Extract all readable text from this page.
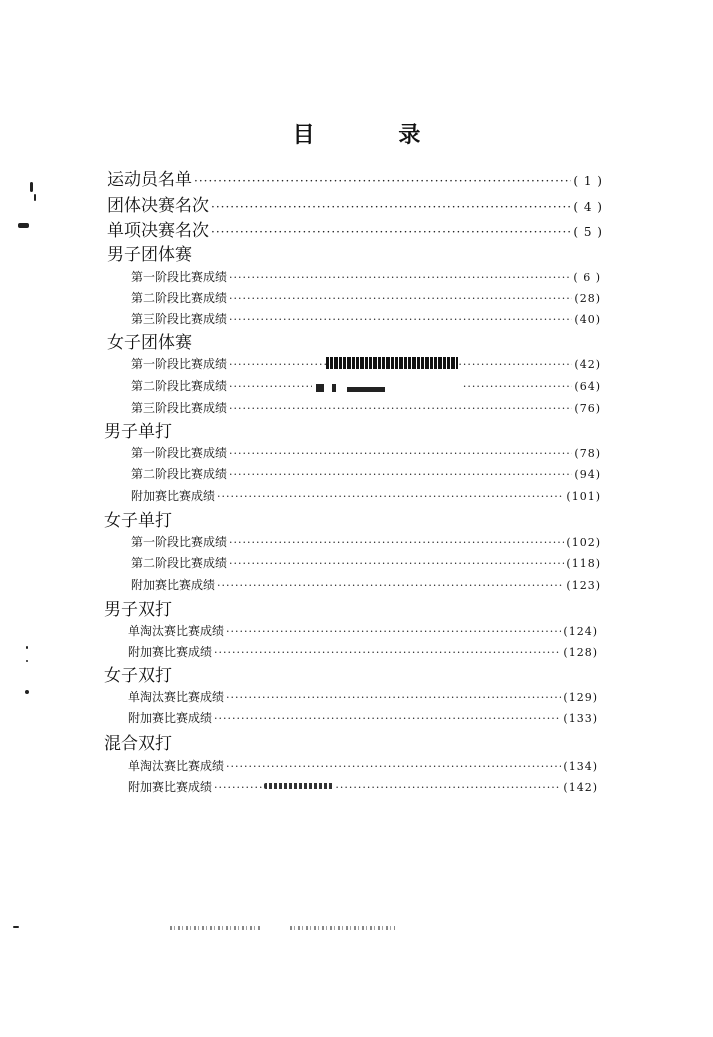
目 录
运动员名单 ·····	( 1 )
团体决赛名次 ·····	( 4 )
单项决赛名次 ·····	( 5 )
男子团体赛
第一阶段比赛成绩 ·····	( 6 )
第二阶段比赛成绩 ·····	(28)
第三阶段比赛成绩 ·····	(40)
女子团体赛
第一阶段比赛成绩 ·····	(42)
第二阶段比赛成绩 ·····	(64)
第三阶段比赛成绩 ·····	(76)
男子单打
第一阶段比赛成绩 ·····	(78)
第二阶段比赛成绩 ·····	(94)
附加赛比赛成绩 ·····	(101)
女子单打
第一阶段比赛成绩 ·····	(102)
第二阶段比赛成绩 ·····	(118)
附加赛比赛成绩 ·····	(123)
男子双打
单淘汰赛比赛成绩 ·····	(124)
附加赛比赛成绩 ·····	(128)
女子双打
单淘汰赛比赛成绩 ·····	(129)
附加赛比赛成绩 ·····	(133)
混合双打
单淘汰赛比赛成绩 ·····	(134)
附加赛比赛成绩 ·····	(142)
